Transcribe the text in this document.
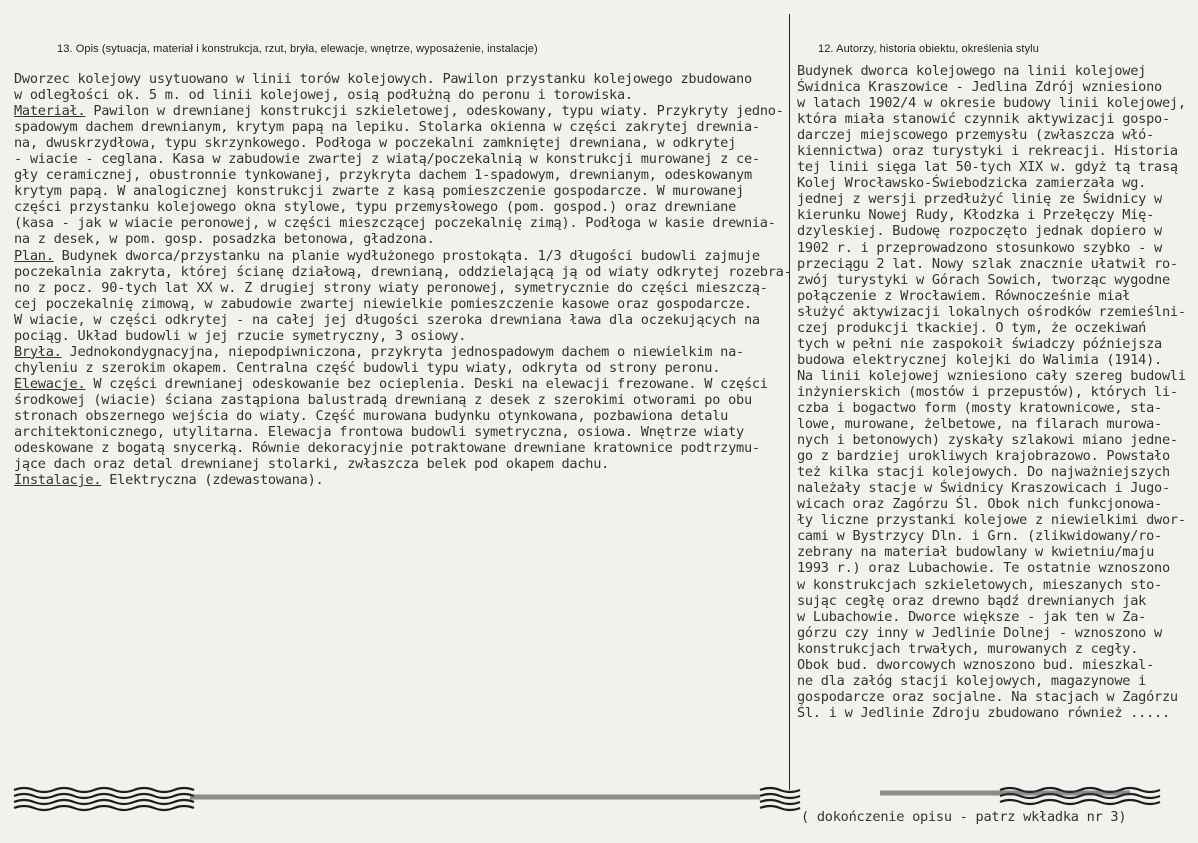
13. Opis (sytuacja, materiał i konstrukcja, rzut, bryła, elewacje, wnętrze, wyposażenie, instalacje)	12. Autorzy, historia obiektu, określenia stylu
Dworzec kolejowy usytuowano w linii torów kolejowych. Pawilon przystanku kolejowego zbudowano
w odległości ok. 5 m. od linii kolejowej, osią podłużną do peronu i torowiska.
Materiał. Pawilon w drewnianej konstrukcji szkieletowej, odeskowany, typu wiaty. Przykryty jedno-
spadowym dachem drewnianym, krytym papą na lepiku. Stolarka okienna w części zakrytej drewnia-
na, dwuskrzydłowa, typu skrzynkowego. Podłoga w poczekalni zamkniętej drewniana, w odkrytej
- wiacie - ceglana. Kasa w zabudowie zwartej z wiatą/poczekalnią w konstrukcji murowanej z ce-
gły ceramicznej, obustronnie tynkowanej, przykryta dachem 1-spadowym, drewnianym, odeskowanym
krytym papą. W analogicznej konstrukcji zwarte z kasą pomieszczenie gospodarcze. W murowanej
części przystanku kolejowego okna stylowe, typu przemysłowego (pom. gospod.) oraz drewniane
(kasa - jak w wiacie peronowej, w części mieszczącej poczekalnię zimą). Podłoga w kasie drewnia-
na z desek, w pom. gosp. posadzka betonowa, gładzona.
Plan. Budynek dworca/przystanku na planie wydłużonego prostokąta. 1/3 długości budowli zajmuje
poczekalnia zakryta, której ścianę działową, drewnianą, oddzielającą ją od wiaty odkrytej rozebra-
no z pocz. 90-tych lat XX w. Z drugiej strony wiaty peronowej, symetrycznie do części mieszczą-
cej poczekalnię zimową, w zabudowie zwartej niewielkie pomieszczenie kasowe oraz gospodarcze.
W wiacie, w części odkrytej - na całej jej długości szeroka drewniana ława dla oczekujących na
pociąg. Układ budowli w jej rzucie symetryczny, 3 osiowy.
Bryła. Jednokondygnacyjna, niepodpiwniczona, przykryta jednospadowym dachem o niewielkim na-
chyleniu z szerokim okapem. Centralna część budowli typu wiaty, odkryta od strony peronu.
Elewacje. W części drewnianej odeskowanie bez ocieplenia. Deski na elewacji frezowane. W części
środkowej (wiacie) ściana zastąpiona balustradą drewnianą z desek z szerokimi otworami po obu
stronach obszernego wejścia do wiaty. Część murowana budynku otynkowana, pozbawiona detalu
architektonicznego, utylitarna. Elewacja frontowa budowli symetryczna, osiowa. Wnętrze wiaty
odeskowane z bogatą snycerką. Równie dekoracyjnie potraktowane drewniane kratownice podtrzymu-
jące dach oraz detal drewnianej stolarki, zwłaszcza belek pod okapem dachu.
Instalacje. Elektryczna (zdewastowana).
Budynek dworca kolejowego na linii kolejowej
Świdnica Kraszowice - Jedlina Zdrój wzniesiono
w latach 1902/4 w okresie budowy linii kolejowej,
która miała stanowić czynnik aktywizacji gospo-
darczej miejscowego przemysłu (zwłaszcza włó-
kiennictwa) oraz turystyki i rekreacji. Historia
tej linii sięga lat 50-tych XIX w. gdyż tą trasą
Kolej Wrocławsko-Świebodzicka zamierzała wg.
jednej z wersji przedłużyć linię ze Świdnicy w
kierunku Nowej Rudy, Kłodzka i Przełęczy Mię-
dzyleskiej. Budowę rozpoczęto jednak dopiero w
1902 r. i przeprowadzono stosunkowo szybko - w
przeciągu 2 lat. Nowy szlak znacznie ułatwił ro-
zwój turystyki w Górach Sowich, tworząc wygodne
połączenie z Wrocławiem. Równocześnie miał
służyć aktywizacji lokalnych ośrodków rzemieślni-
czej produkcji tkackiej. O tym, że oczekiwań
tych w pełni nie zaspokoił świadczy późniejsza
budowa elektrycznej kolejki do Walimia (1914).
Na linii kolejowej wzniesiono cały szereg budowli
inżynierskich (mostów i przepustów), których li-
czba i bogactwo form (mosty kratownicowe, sta-
lowe, murowane, żelbetowe, na filarach murowa-
nych i betonowych) zyskały szlakowi miano jedne-
go z bardziej urokliwych krajobrazowo. Powstało
też kilka stacji kolejowych. Do najważniejszych
należały stacje w Świdnicy Kraszowicach i Jugo-
wicach oraz Zagórzu Śl. Obok nich funkcjonowa-
ły liczne przystanki kolejowe z niewielkimi dwor-
cami w Bystrzycy Dln. i Grn. (zlikwidowany/ro-
zebrany na materiał budowlany w kwietniu/maju
1993 r.) oraz Lubachowie. Te ostatnie wznoszono
w konstrukcjach szkieletowych, mieszanych sto-
sując cegłę oraz drewno bądź drewnianych jak
w Lubachowie. Dworce większe - jak ten w Za-
górzu czy inny w Jedlinie Dolnej - wznoszono w
konstrukcjach trwałych, murowanych z cegły.
Obok bud. dworcowych wznoszono bud. mieszkal-
ne dla załóg stacji kolejowych, magazynowe i
gospodarcze oraz socjalne. Na stacjach w Zagórzu
Śl. i w Jedlinie Zdroju zbudowano również .....
( dokończenie opisu - patrz wkładka nr 3)
